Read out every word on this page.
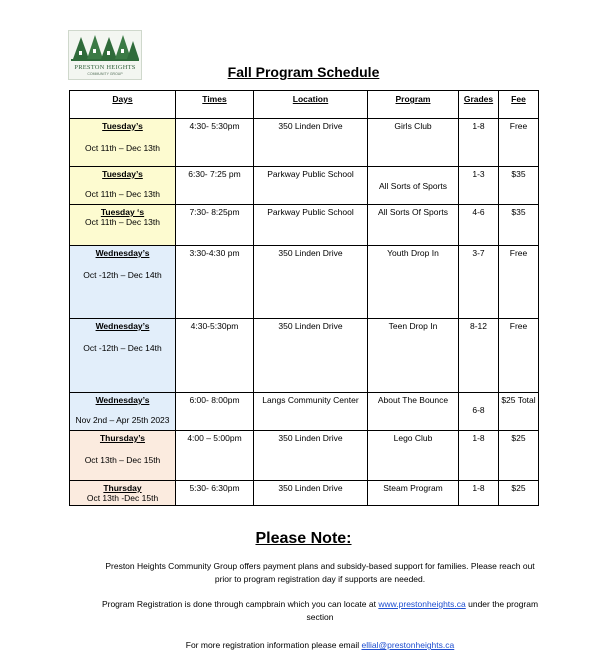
PRESTON HEIGHTS
COMMUNITY GROUP	Fall Program Schedule
Days	Times	Location	Program	Grades	Fee

Tuesday’s
Oct 11th – Dec 13th	4:30- 5:30pm	350 Linden Drive	Girls Club	1-8	Free

Tuesday’s
Oct 11th – Dec 13th	6:30- 7:25 pm	Parkway Public School	All Sorts of Sports	1-3	$35

Tuesday ‘s
Oct 11th – Dec 13th	7:30- 8:25pm	Parkway Public School	All Sorts Of Sports	4-6	$35

Wednesday’s
Oct -12th – Dec 14th	3:30-4:30 pm	350 Linden Drive	Youth Drop In	3-7	Free

Wednesday’s
Oct -12th – Dec 14th	4:30-5:30pm	350 Linden Drive	Teen Drop In	8-12	Free

Wednesday’s
Nov 2nd – Apr 25th 2023	6:00- 8:00pm	Langs Community Center	About The Bounce	6-8	$25 Total

Thursday’s
Oct 13th – Dec 15th	4:00 – 5:00pm	350 Linden Drive	Lego Club	1-8	$25

Thursday
Oct 13th -Dec 15th	5:30- 6:30pm	350 Linden Drive	Steam Program	1-8	$25
Please Note:
Preston Heights Community Group offers payment plans and subsidy-based support for families. Please reach out prior to program registration day if supports are needed.
Program Registration is done through campbrain which you can locate at www.prestonheights.ca under the program section
For more registration information please email ellial@prestonheights.ca
